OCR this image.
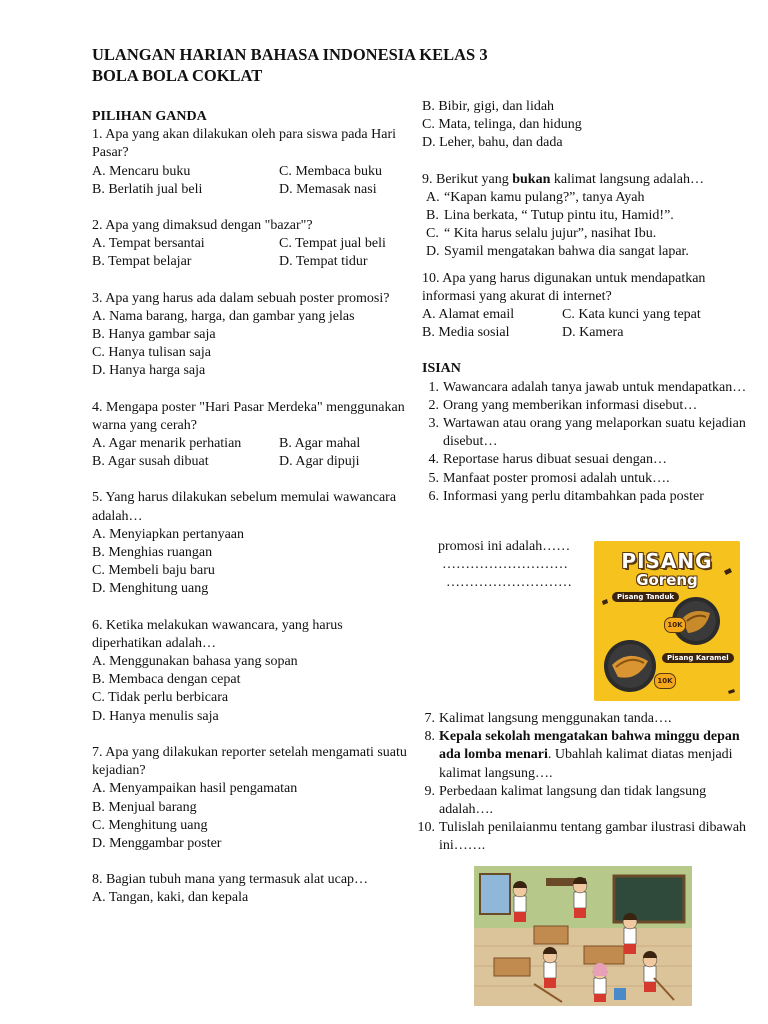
ULANGAN HARIAN BAHASA INDONESIA KELAS 3
BOLA BOLA COKLAT
PILIHAN GANDA
1. Apa yang akan dilakukan oleh para siswa pada Hari Pasar?
A. Mencaru buku	C. Membaca buku
B. Berlatih jual beli	D. Memasak nasi
2. Apa yang dimaksud dengan "bazar"?
A. Tempat bersantai	C. Tempat jual beli
B. Tempat belajar	D. Tempat tidur
3. Apa yang harus ada dalam sebuah poster promosi?
A. Nama barang, harga, dan gambar yang jelas
B. Hanya gambar saja
C. Hanya tulisan saja
D. Hanya harga saja
4. Mengapa poster "Hari Pasar Merdeka" menggunakan warna yang cerah?
A. Agar menarik perhatian	B. Agar mahal
B. Agar susah dibuat	D. Agar dipuji
5. Yang harus dilakukan sebelum memulai wawancara adalah…
A. Menyiapkan pertanyaan
B. Menghias ruangan
C. Membeli baju baru
D. Menghitung uang
6. Ketika melakukan wawancara, yang harus diperhatikan adalah…
A. Menggunakan bahasa yang sopan
B. Membaca dengan cepat
C. Tidak perlu berbicara
D. Hanya menulis saja
7. Apa yang dilakukan reporter setelah mengamati suatu kejadian?
A. Menyampaikan hasil pengamatan
B. Menjual barang
C. Menghitung uang
D. Menggambar poster
8. Bagian tubuh mana yang termasuk alat ucap…
A. Tangan, kaki, dan kepala
B. Bibir, gigi, dan lidah
C. Mata, telinga, dan hidung
D. Leher, bahu, dan dada
9. Berikut yang bukan kalimat langsung adalah…
A. “Kapan kamu pulang?”, tanya Ayah
B. Lina berkata, “ Tutup pintu itu, Hamid!”.
C. “ Kita harus selalu jujur”, nasihat Ibu.
D. Syamil mengatakan bahwa dia sangat lapar.
10. Apa yang harus digunakan untuk mendapatkan informasi yang akurat di internet?
A. Alamat email	C. Kata kunci yang tepat
B. Media sosial	D. Kamera
ISIAN
1. Wawancara adalah tanya jawab untuk mendapatkan…
2. Orang yang memberikan informasi disebut…
3. Wartawan atau orang yang melaporkan suatu kejadian disebut…
4. Reportase harus dibuat sesuai dengan…
5. Manfaat poster promosi adalah untuk….
6. Informasi yang perlu ditambahkan pada poster
promosi ini adalah……
………………………
………………………
PISANG
Goreng
Pisang Tanduk
10K
Pisang Karamel
10K
7. Kalimat langsung menggunakan tanda….
8. Kepala sekolah mengatakan bahwa minggu depan ada lomba menari. Ubahlah kalimat diatas menjadi kalimat langsung….
9. Perbedaan kalimat langsung dan tidak langsung adalah….
10. Tulislah penilaianmu tentang gambar ilustrasi dibawah ini…….
